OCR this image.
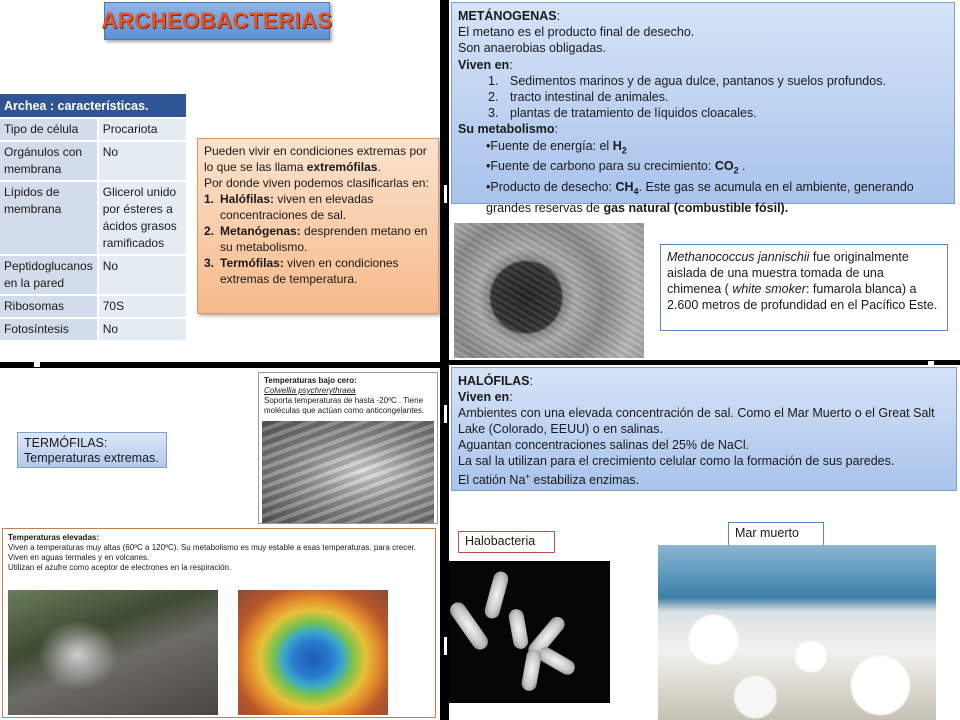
ARCHEOBACTERIAS
Archea : características.	
Tipo de célula	Procariota
Orgánulos con membrana	No
Lípidos de membrana	Glicerol unido por ésteres a ácidos grasos ramificados
Peptidoglucanos en la pared	No
Ribosomas	70S
Fotosíntesis	No
Pueden vivir en condiciones extremas por lo que se las llama extremófilas.
Por donde viven podemos clasificarlas en:
1. Halófilas: viven en elevadas concentraciones de sal.
2. Metanógenas: desprenden metano en su metabolismo.
3. Termófilas: viven en condiciones extremas de temperatura.
METÁNOGENAS:
El metano es el producto final de desecho.
Son anaerobias obligadas.
Viven en:
1. Sedimentos marinos y de agua dulce, pantanos y suelos profundos.
2. tracto intestinal de animales.
3. plantas de tratamiento de líquidos cloacales.
Su metabolismo:
•Fuente de energía: el $H_2$
•Fuente de carbono para su crecimiento: $CO_2$ .
•Producto de desecho: $CH_4$. Este gas se acumula en el ambiente, generando grandes reservas de gas natural (combustible fósil).
Methanococcus jannischii fue originalmente aislada de una muestra tomada de una chimenea ( white smoker: fumarola blanca) a 2.600 metros de profundidad en el Pacífico Este.
Temperaturas bajo cero:
Colwellia psychrerythraea
Soporta temperaturas de hasta -20ºC . Tiene moléculas que actúan como anticongelantes.
TERMÓFILAS:
Temperaturas extremas.
Temperaturas elevadas:
Viven a temperaturas muy altas (60ºC a 120ºC). Su metabolismo es muy estable a esas temperaturas. para crecer.
Viven en aguas termales y en volcanes.
Utilizan el azufre como aceptor de electrones en la respiración.
HALÓFILAS:
Viven en:
Ambientes con una elevada concentración de sal. Como el Mar Muerto o el Great Salt Lake (Colorado, EEUU) o en salinas.
Aguantan concentraciones salinas del 25% de NaCl.
La sal la utilizan para el crecimiento celular como la formación de sus paredes.
El catión Na+ estabiliza enzimas.
Halobacteria
Mar muerto
